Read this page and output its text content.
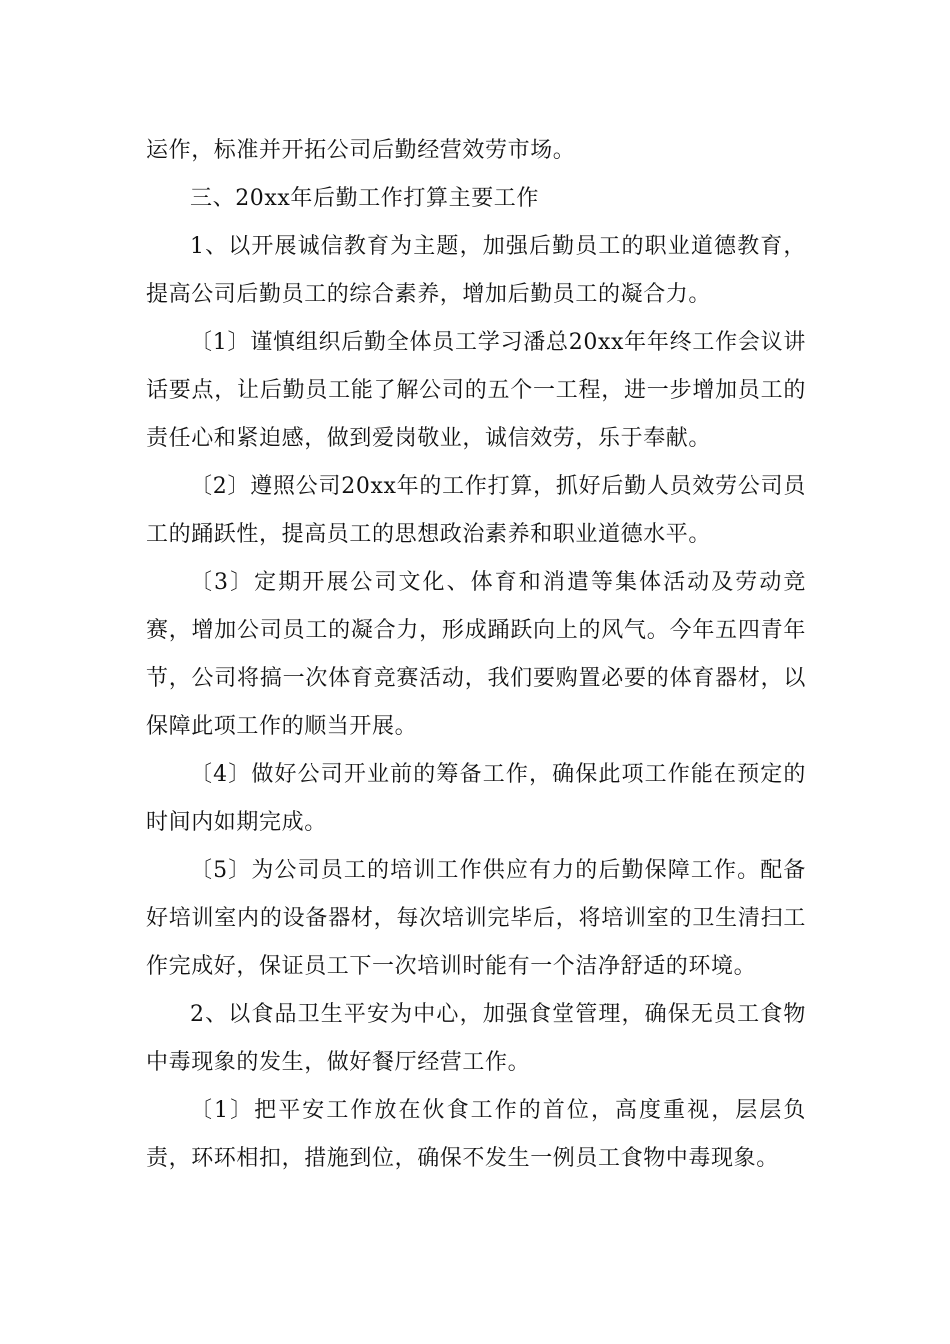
运作，标准并开拓公司后勤经营效劳市场。

三、20xx年后勤工作打算主要工作

1、以开展诚信教育为主题，加强后勤员工的职业道德教育，提高公司后勤员工的综合素养，增加后勤员工的凝合力。

〔1〕谨慎组织后勤全体员工学习潘总20xx年年终工作会议讲话要点，让后勤员工能了解公司的五个一工程，进一步增加员工的责任心和紧迫感，做到爱岗敬业，诚信效劳，乐于奉献。

〔2〕遵照公司20xx年的工作打算，抓好后勤人员效劳公司员工的踊跃性，提高员工的思想政治素养和职业道德水平。

〔3〕定期开展公司文化、体育和消遣等集体活动及劳动竞赛，增加公司员工的凝合力，形成踊跃向上的风气。今年五四青年节，公司将搞一次体育竞赛活动，我们要购置必要的体育器材，以保障此项工作的顺当开展。

〔4〕做好公司开业前的筹备工作，确保此项工作能在预定的时间内如期完成。

〔5〕为公司员工的培训工作供应有力的后勤保障工作。配备好培训室内的设备器材，每次培训完毕后，将培训室的卫生清扫工作完成好，保证员工下一次培训时能有一个洁净舒适的环境。

2、以食品卫生平安为中心，加强食堂管理，确保无员工食物中毒现象的发生，做好餐厅经营工作。

〔1〕把平安工作放在伙食工作的首位，高度重视，层层负责，环环相扣，措施到位，确保不发生一例员工食物中毒现象。
